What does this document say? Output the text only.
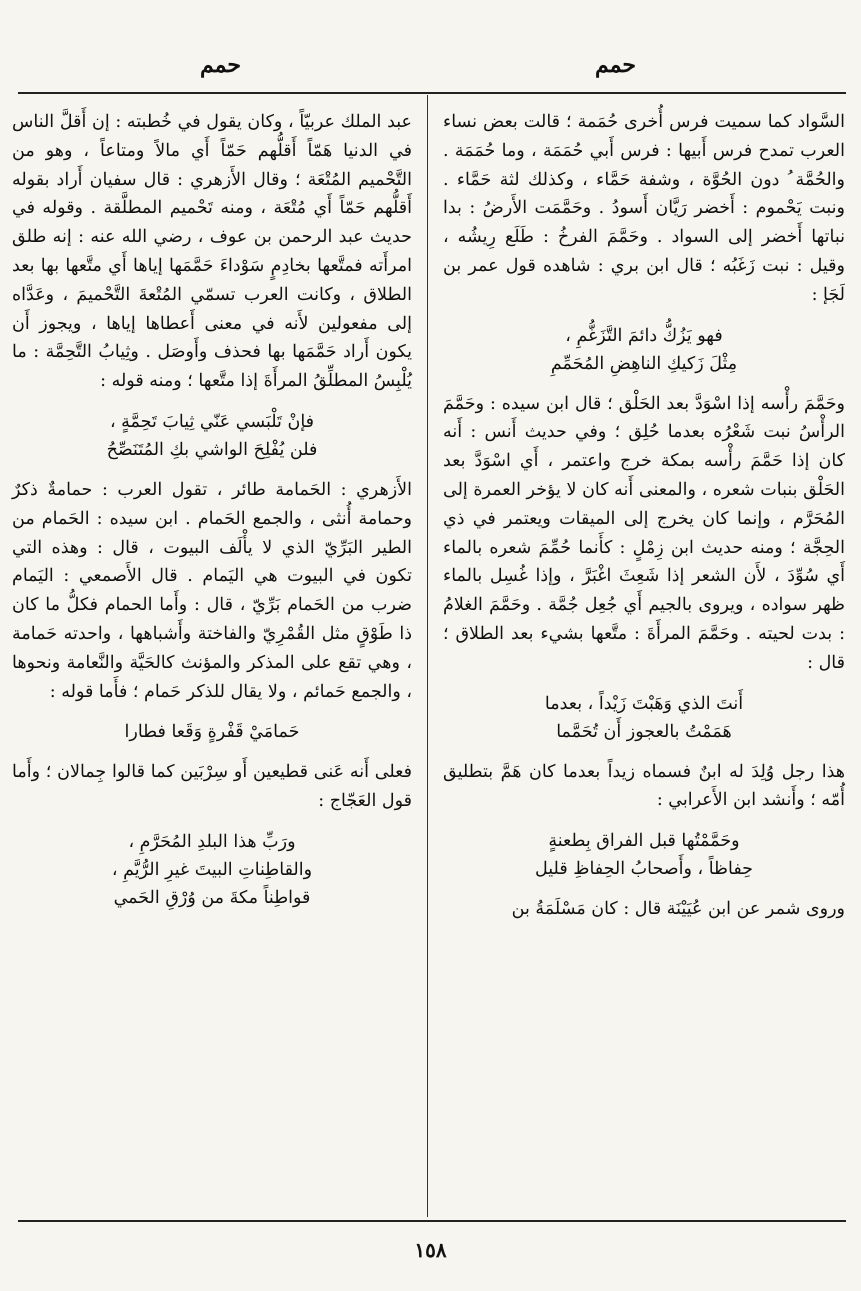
حمم
حمم

السَّواد كما سميت فرس أُخرى حُمَمة ؛ قالت بعض نساء العرب تمدح فرس أَبيها : فرس أَبي حُمَمَة ، وما حُمَمَة . والحُمَّة ُ دون الحُوَّة ، وشفة حَمَّاء ، وكذلك لثة حَمَّاء . ونبت يَحْموم : أَخضر رَيَّان أَسودُ . وحَمَّمَت الأَرضُ : بدا نباتها أَخضر إلى السواد . وحَمَّمَ الفرخُ : طَلَع رِيشُه ، وقيل : نبت زَغَبُه ؛ قال ابن بري : شاهده قول عمر بن لَجَإ :

فهو يَزُكُّ دائمَ التَّزَغُّمِ ،
مِثْلَ زَكيكِ الناهِضِ المُحَمِّمِ

وحَمَّمَ رأْسه إذا اسْوَدَّ بعد الحَلْق ؛ قال ابن سيده : وحَمَّمَ الرأْسُ نبت شَعْرُه بعدما حُلِق ؛ وفي حديث أَنس : أَنه كان إذا حَمَّمَ رأْسه بمكة خرج واعتمر ، أَي اسْوَدَّ بعد الحَلْق بنبات شعره ، والمعنى أَنه كان لا يؤخر العمرة إلى المُحَرَّم ، وإنما كان يخرج إلى الميقات ويعتمر في ذي الحِجَّة ؛ ومنه حديث ابن زِمْلٍ : كأَنما حُمِّمَ شعره بالماء أَي سُوِّدَ ، لأَن الشعر إذا شَعِثَ اغْبَرَّ ، وإذا غُسِل بالماء ظهر سواده ، ويروى بالجيم أَي جُعِل جُمَّة . وحَمَّمَ الغلامُ : بدت لحيته . وحَمَّمَ المرأَةَ : متَّعها بشيء بعد الطلاق ؛ قال :

أَنتَ الذي وَهَبْتَ زَيْداً ، بعدما
هَمَمْتُ بالعجوز أَن تُحَمَّما

هذا رجل وُلِدَ له ابنٌ فسماه زيداً بعدما كان هَمَّ بتطليق أُمّه ؛ وأَنشد ابن الأَعرابي :

وحَمَّمْتُها قبل الفراق بِطعنةٍ
حِفاظاً ، وأَصحابُ الحِفاظِ قليل

وروى شمر عن ابن عُيَيْنَة قال : كان مَسْلَمَةُ بن

عبد الملك عربيّاً ، وكان يقول في خُطبته : إن أَقلَّ الناس في الدنيا هَمّاً أَقلُّهم حَمّاً أَي مالاً ومتاعاً ، وهو من التَّحْميم المُتْعَة ؛ وقال الأَزهري : قال سفيان أَراد بقوله أَقلُّهم حَمّاً أَي مُتْعَة ، ومنه تَحْميم المطلَّقة . وقوله في حديث عبد الرحمن بن عوف ، رضي الله عنه : إنه طلق امرأَته فمتَّعها بخادِمٍ سَوْداءَ حَمَّمَها إياها أَي متَّعها بها بعد الطلاق ، وكانت العرب تسمّي المُتْعةَ التَّحْميمَ ، وعَدَّاه إلى مفعولين لأَنه في معنى أَعطاها إياها ، ويجوز أَن يكون أَراد حَمَّمَها بها فحذف وأَوصَل . وثِيابُ التَّحِمَّة : ما يُلْبِسُ المطلِّقُ المرأَةَ إذا متَّعها ؛ ومنه قوله :

فإنْ تَلْبَسي عَنّي ثِيابَ تَحِمَّةٍ ،
فلن يُفْلِحَ الواشي بكِ المُتَنَصِّحُ

الأَزهري : الحَمامة طائر ، تقول العرب : حمامةٌ ذكرٌ وحمامة أُنثى ، والجمع الحَمام . ابن سيده : الحَمام من الطير البَرِّيّ الذي لا يأْلَف البيوت ، قال : وهذه التي تكون في البيوت هي اليَمام . قال الأَصمعي : اليَمام ضرب من الحَمام بَرِّيّ ، قال : وأَما الحمام فكلُّ ما كان ذا طَوْقٍ مثل القُمْرِيّ والفاختة وأَشباهها ، واحدته حَمامة ، وهي تقع على المذكر والمؤنث كالحَيَّة والنَّعامة ونحوها ، والجمع حَمائم ، ولا يقال للذكر حَمام ؛ فأَما قوله :

حَمامَيْ قَفْرةٍ وَقَعا فطارا

فعلى أَنه عَنى قطيعين أَو سِرْبَين كما قالوا جِمالان ؛ وأَما قول العَجّاج :

ورَبِّ هذا البلدِ المُحَرَّمِ ،
والقاطِناتِ البيتَ غيرِ الرُّيَّمِ ،
قواطِناً مكةَ من وُرْقِ الحَمي
١٥٨
